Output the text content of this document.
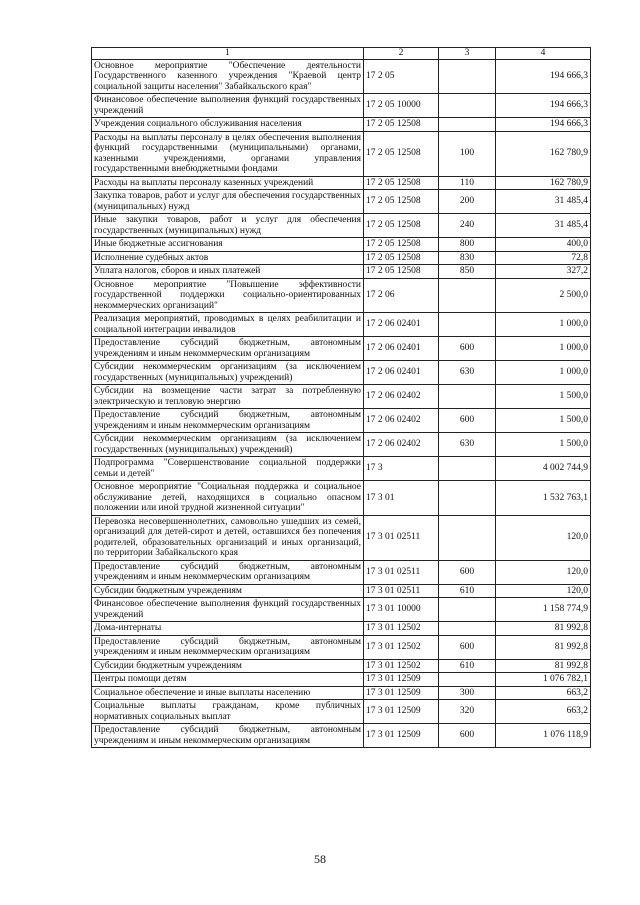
1	2	3	4
Основное мероприятие "Обеспечение деятельности Государственного казенного учреждения "Краевой центр социальной защиты населения" Забайкальского края"	17 2 05		194 666,3
Финансовое обеспечение выполнения функций государственных учреждений	17 2 05 10000		194 666,3
Учреждения социального обслуживания населения	17 2 05 12508		194 666,3
Расходы на выплаты персоналу в целях обеспечения выполнения функций государственными (муниципальными) органами, казенными учреждениями, органами управления государственными внебюджетными фондами	17 2 05 12508	100	162 780,9
Расходы на выплаты персоналу казенных учреждений	17 2 05 12508	110	162 780,9
Закупка товаров, работ и услуг для обеспечения государственных (муниципальных) нужд	17 2 05 12508	200	31 485,4
Иные закупки товаров, работ и услуг для обеспечения государственных (муниципальных) нужд	17 2 05 12508	240	31 485,4
Иные бюджетные ассигнования	17 2 05 12508	800	400,0
Исполнение судебных актов	17 2 05 12508	830	72,8
Уплата налогов, сборов и иных платежей	17 2 05 12508	850	327,2
Основное мероприятие "Повышение эффективности государственной поддержки социально-ориентированных некоммерческих организаций"	17 2 06		2 500,0
Реализация мероприятий, проводимых в целях реабилитации и социальной интеграции инвалидов	17 2 06 02401		1 000,0
Предоставление субсидий бюджетным, автономным учреждениям и иным некоммерческим организациям	17 2 06 02401	600	1 000,0
Субсидии некоммерческим организациям (за исключением государственных (муниципальных) учреждений)	17 2 06 02401	630	1 000,0
Субсидии на возмещение части затрат за потребленную электрическую и тепловую энергию	17 2 06 02402		1 500,0
Предоставление субсидий бюджетным, автономным учреждениям и иным некоммерческим организациям	17 2 06 02402	600	1 500,0
Субсидии некоммерческим организациям (за исключением государственных (муниципальных) учреждений)	17 2 06 02402	630	1 500,0
Подпрограмма "Совершенствование социальной поддержки семьи и детей"	17 3		4 002 744,9
Основное мероприятие "Социальная поддержка и социальное обслуживание детей, находящихся в социально опасном положении или иной трудной жизненной ситуации"	17 3 01		1 532 763,1
Перевозка несовершеннолетних, самовольно ушедших из семей, организаций для детей-сирот и детей, оставшихся без попечения родителей, образовательных организаций и иных организаций, по территории Забайкальского края	17 3 01 02511		120,0
Предоставление субсидий бюджетным, автономным учреждениям и иным некоммерческим организациям	17 3 01 02511	600	120,0
Субсидии бюджетным учреждениям	17 3 01 02511	610	120,0
Финансовое обеспечение выполнения функций государственных учреждений	17 3 01 10000		1 158 774,9
Дома-интернаты	17 3 01 12502		81 992,8
Предоставление субсидий бюджетным, автономным учреждениям и иным некоммерческим организациям	17 3 01 12502	600	81 992,8
Субсидии бюджетным учреждениям	17 3 01 12502	610	81 992,8
Центры помощи детям	17 3 01 12509		1 076 782,1
Социальное обеспечение и иные выплаты населению	17 3 01 12509	300	663,2
Социальные выплаты гражданам, кроме публичных нормативных социальных выплат	17 3 01 12509	320	663,2
Предоставление субсидий бюджетным, автономным учреждениям и иным некоммерческим организациям	17 3 01 12509	600	1 076 118,9
58
